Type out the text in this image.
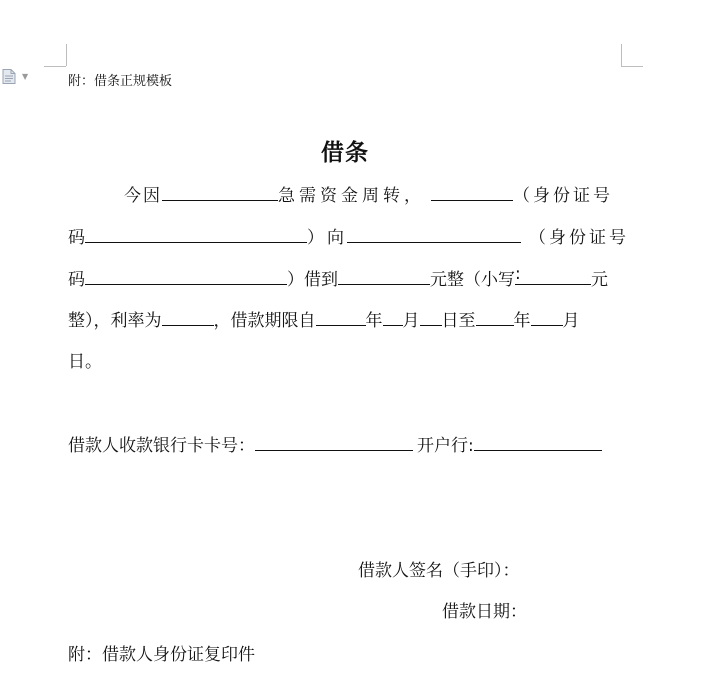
▼	附：借条正规模板
借条
今因	急需资金周转，	（身份证号
码	）向	（身份证号
码	）借到	元整（小写 :	元
整），利率为	，借款期限自	年 月 日至 年 月
日。
借款人收款银行卡卡号：	开户行:
借款人签名（手印）：
借款日期：
附：借款人身份证复印件
